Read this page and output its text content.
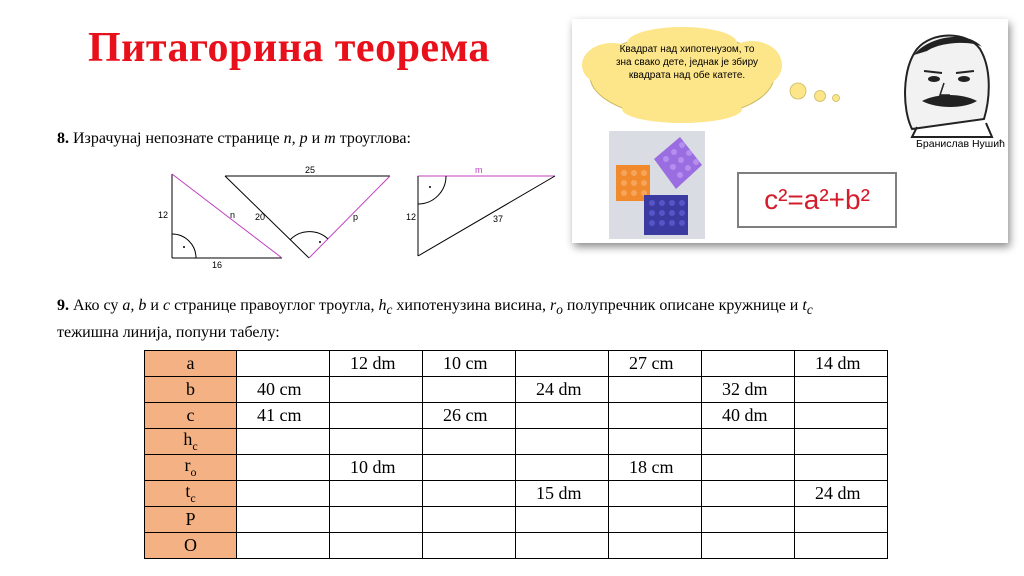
Питагорина теорема
8. Израчунај непознате странице n, p и m троуглова:
12
16
n
25
20	p
m
12	37
9. Ако су a, b и c странице правоуглог троугла, $h_c$ хипотенузина висина, $r_o$ полупречник описане кружнице и $t_c$
тежишна линија, попуни табелу:
Квадрат над хипотенузом, то зна свако дете, једнак је збиру квадрата над обе катете.
Бранислав Нушић
c²=a²+b²
a		12 dm	10 cm		27 cm		14 dm
b	40 cm			24 dm		32 dm	
c	41 cm		26 cm			40 dm	
$h_c$							
$r_o$		10 dm			18 cm		
$t_c$				15 dm			24 dm
P							
O							
